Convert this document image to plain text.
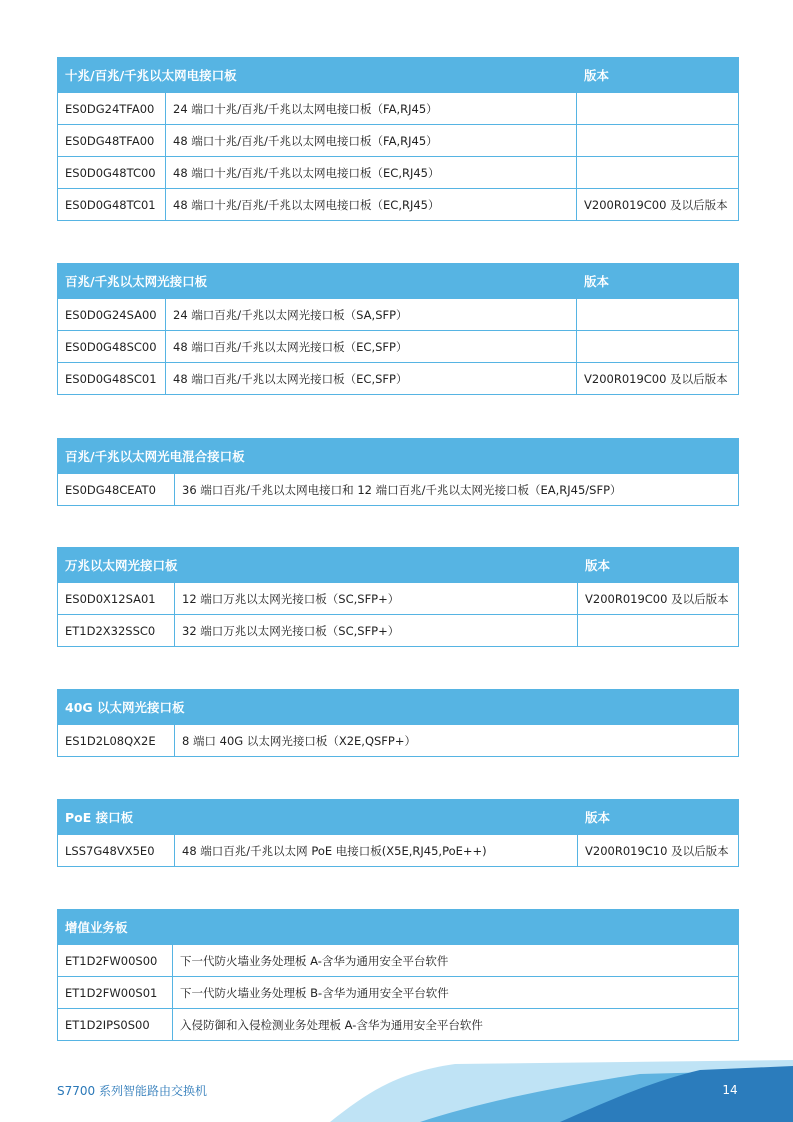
十兆/百兆/千兆以太网电接口板		版本
ES0DG24TFA00	24 端口十兆/百兆/千兆以太网电接口板（FA,RJ45）	
ES0DG48TFA00	48 端口十兆/百兆/千兆以太网电接口板（FA,RJ45）	
ES0D0G48TC00	48 端口十兆/百兆/千兆以太网电接口板（EC,RJ45）	
ES0D0G48TC01	48 端口十兆/百兆/千兆以太网电接口板（EC,RJ45）	V200R019C00 及以后版本
百兆/千兆以太网光接口板		版本
ES0D0G24SA00	24 端口百兆/千兆以太网光接口板（SA,SFP）	
ES0D0G48SC00	48 端口百兆/千兆以太网光接口板（EC,SFP）	
ES0D0G48SC01	48 端口百兆/千兆以太网光接口板（EC,SFP）	V200R019C00 及以后版本
百兆/千兆以太网光电混合接口板
ES0DG48CEAT0	36 端口百兆/千兆以太网电接口和 12 端口百兆/千兆以太网光接口板（EA,RJ45/SFP）
万兆以太网光接口板		版本
ES0D0X12SA01	12 端口万兆以太网光接口板（SC,SFP+）	V200R019C00 及以后版本
ET1D2X32SSC0	32 端口万兆以太网光接口板（SC,SFP+）	
40G 以太网光接口板
ES1D2L08QX2E	8 端口 40G 以太网光接口板（X2E,QSFP+）
PoE 接口板		版本
LSS7G48VX5E0	48 端口百兆/千兆以太网 PoE 电接口板(X5E,RJ45,PoE++)	V200R019C10 及以后版本
增值业务板	
ET1D2FW00S00	下一代防火墙业务处理板 A-含华为通用安全平台软件
ET1D2FW00S01	下一代防火墙业务处理板 B-含华为通用安全平台软件
ET1D2IPS0S00	入侵防御和入侵检测业务处理板 A-含华为通用安全平台软件
S7700 系列智能路由交换机	14
